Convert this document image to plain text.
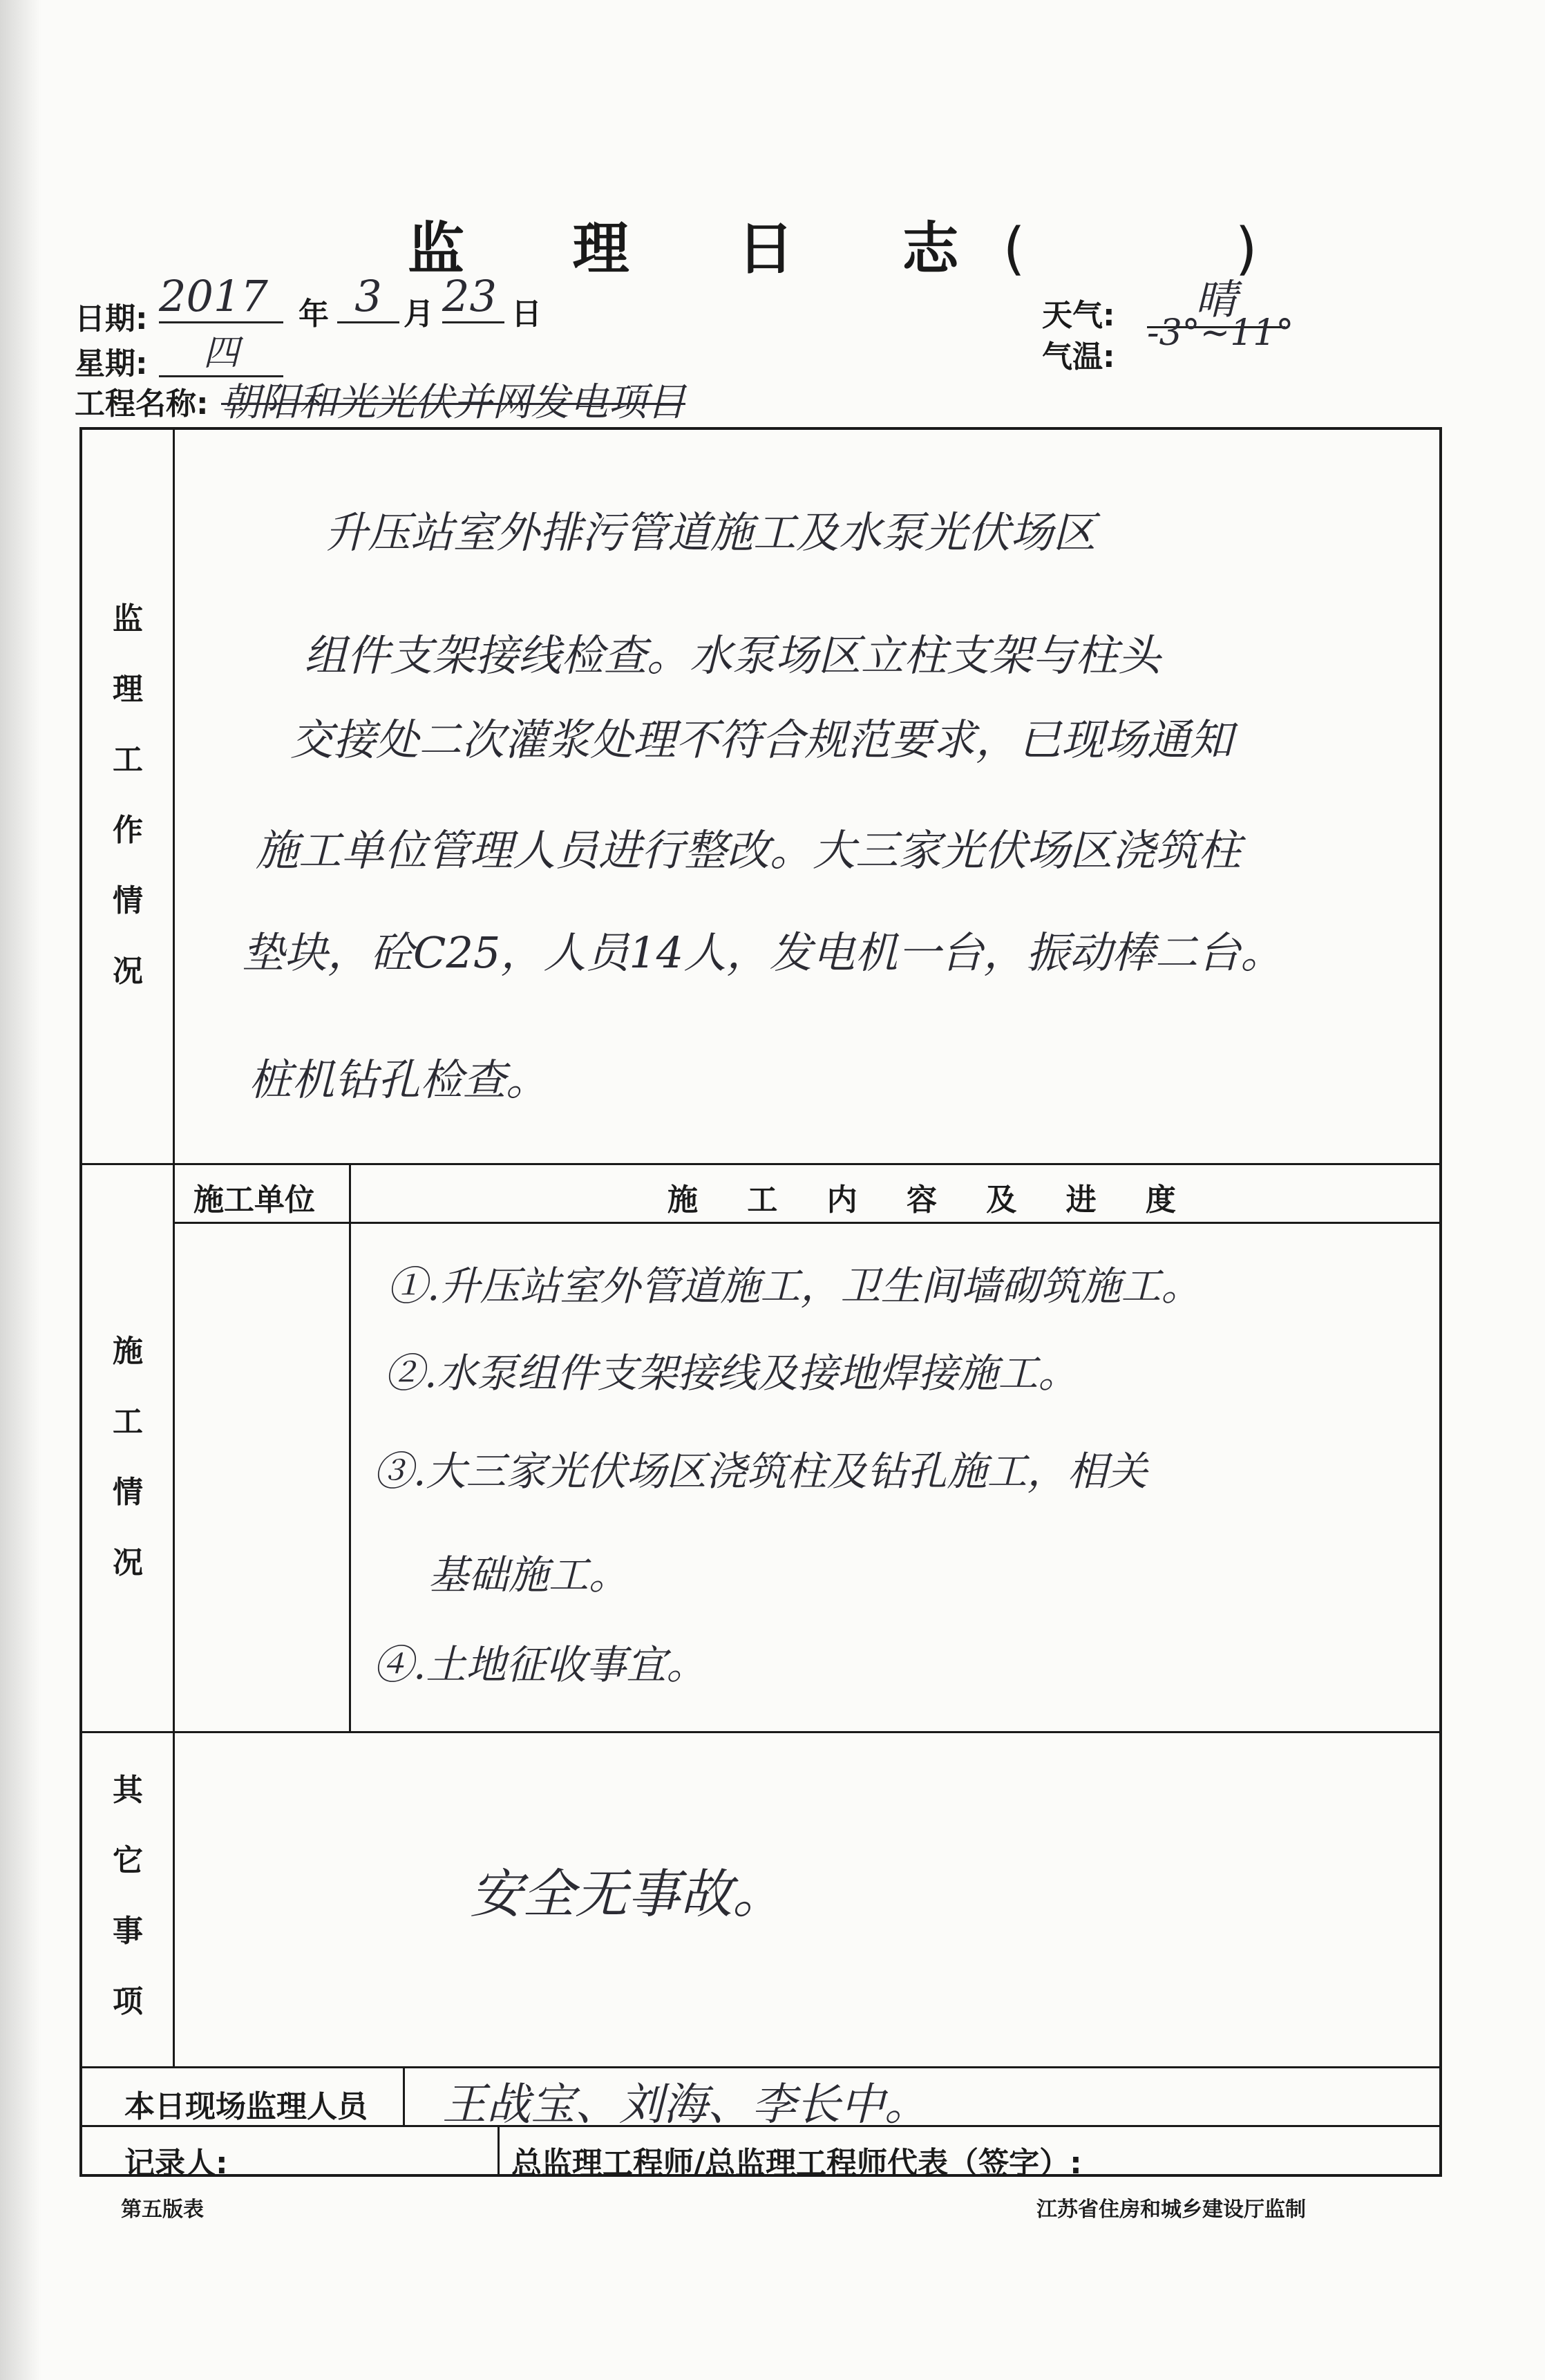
监 理 日 志(	)
日期: 2017	年 3 月 23 日
星期:	四
工程名称: 朝阳和光光伏并网发电项目
天气:	晴
气温:
-3°~11°
监
理
工
作
情
况
升压站室外排污管道施工及水泵光伏场区
组件支架接线检查。水泵场区立柱支架与柱头
交接处二次灌浆处理不符合规范要求，已现场通知
施工单位管理人员进行整改。大三家光伏场区浇筑柱
垫块，砼C25，人员14人，发电机一台，振动棒二台。
桩机钻孔检查。
施
工
情
况
施工单位	施 工 内 容 及 进 度
①.升压站室外管道施工，卫生间墙砌筑施工。
②.水泵组件支架接线及接地焊接施工。
③.大三家光伏场区浇筑柱及钻孔施工，相关
基础施工。
④.土地征收事宜。
其
它
事
项
安全无事故。
本日现场监理人员 王战宝、刘海、李长中。
记录人:	总监理工程师/总监理工程师代表（签字）:
第五版表	江苏省住房和城乡建设厅监制
